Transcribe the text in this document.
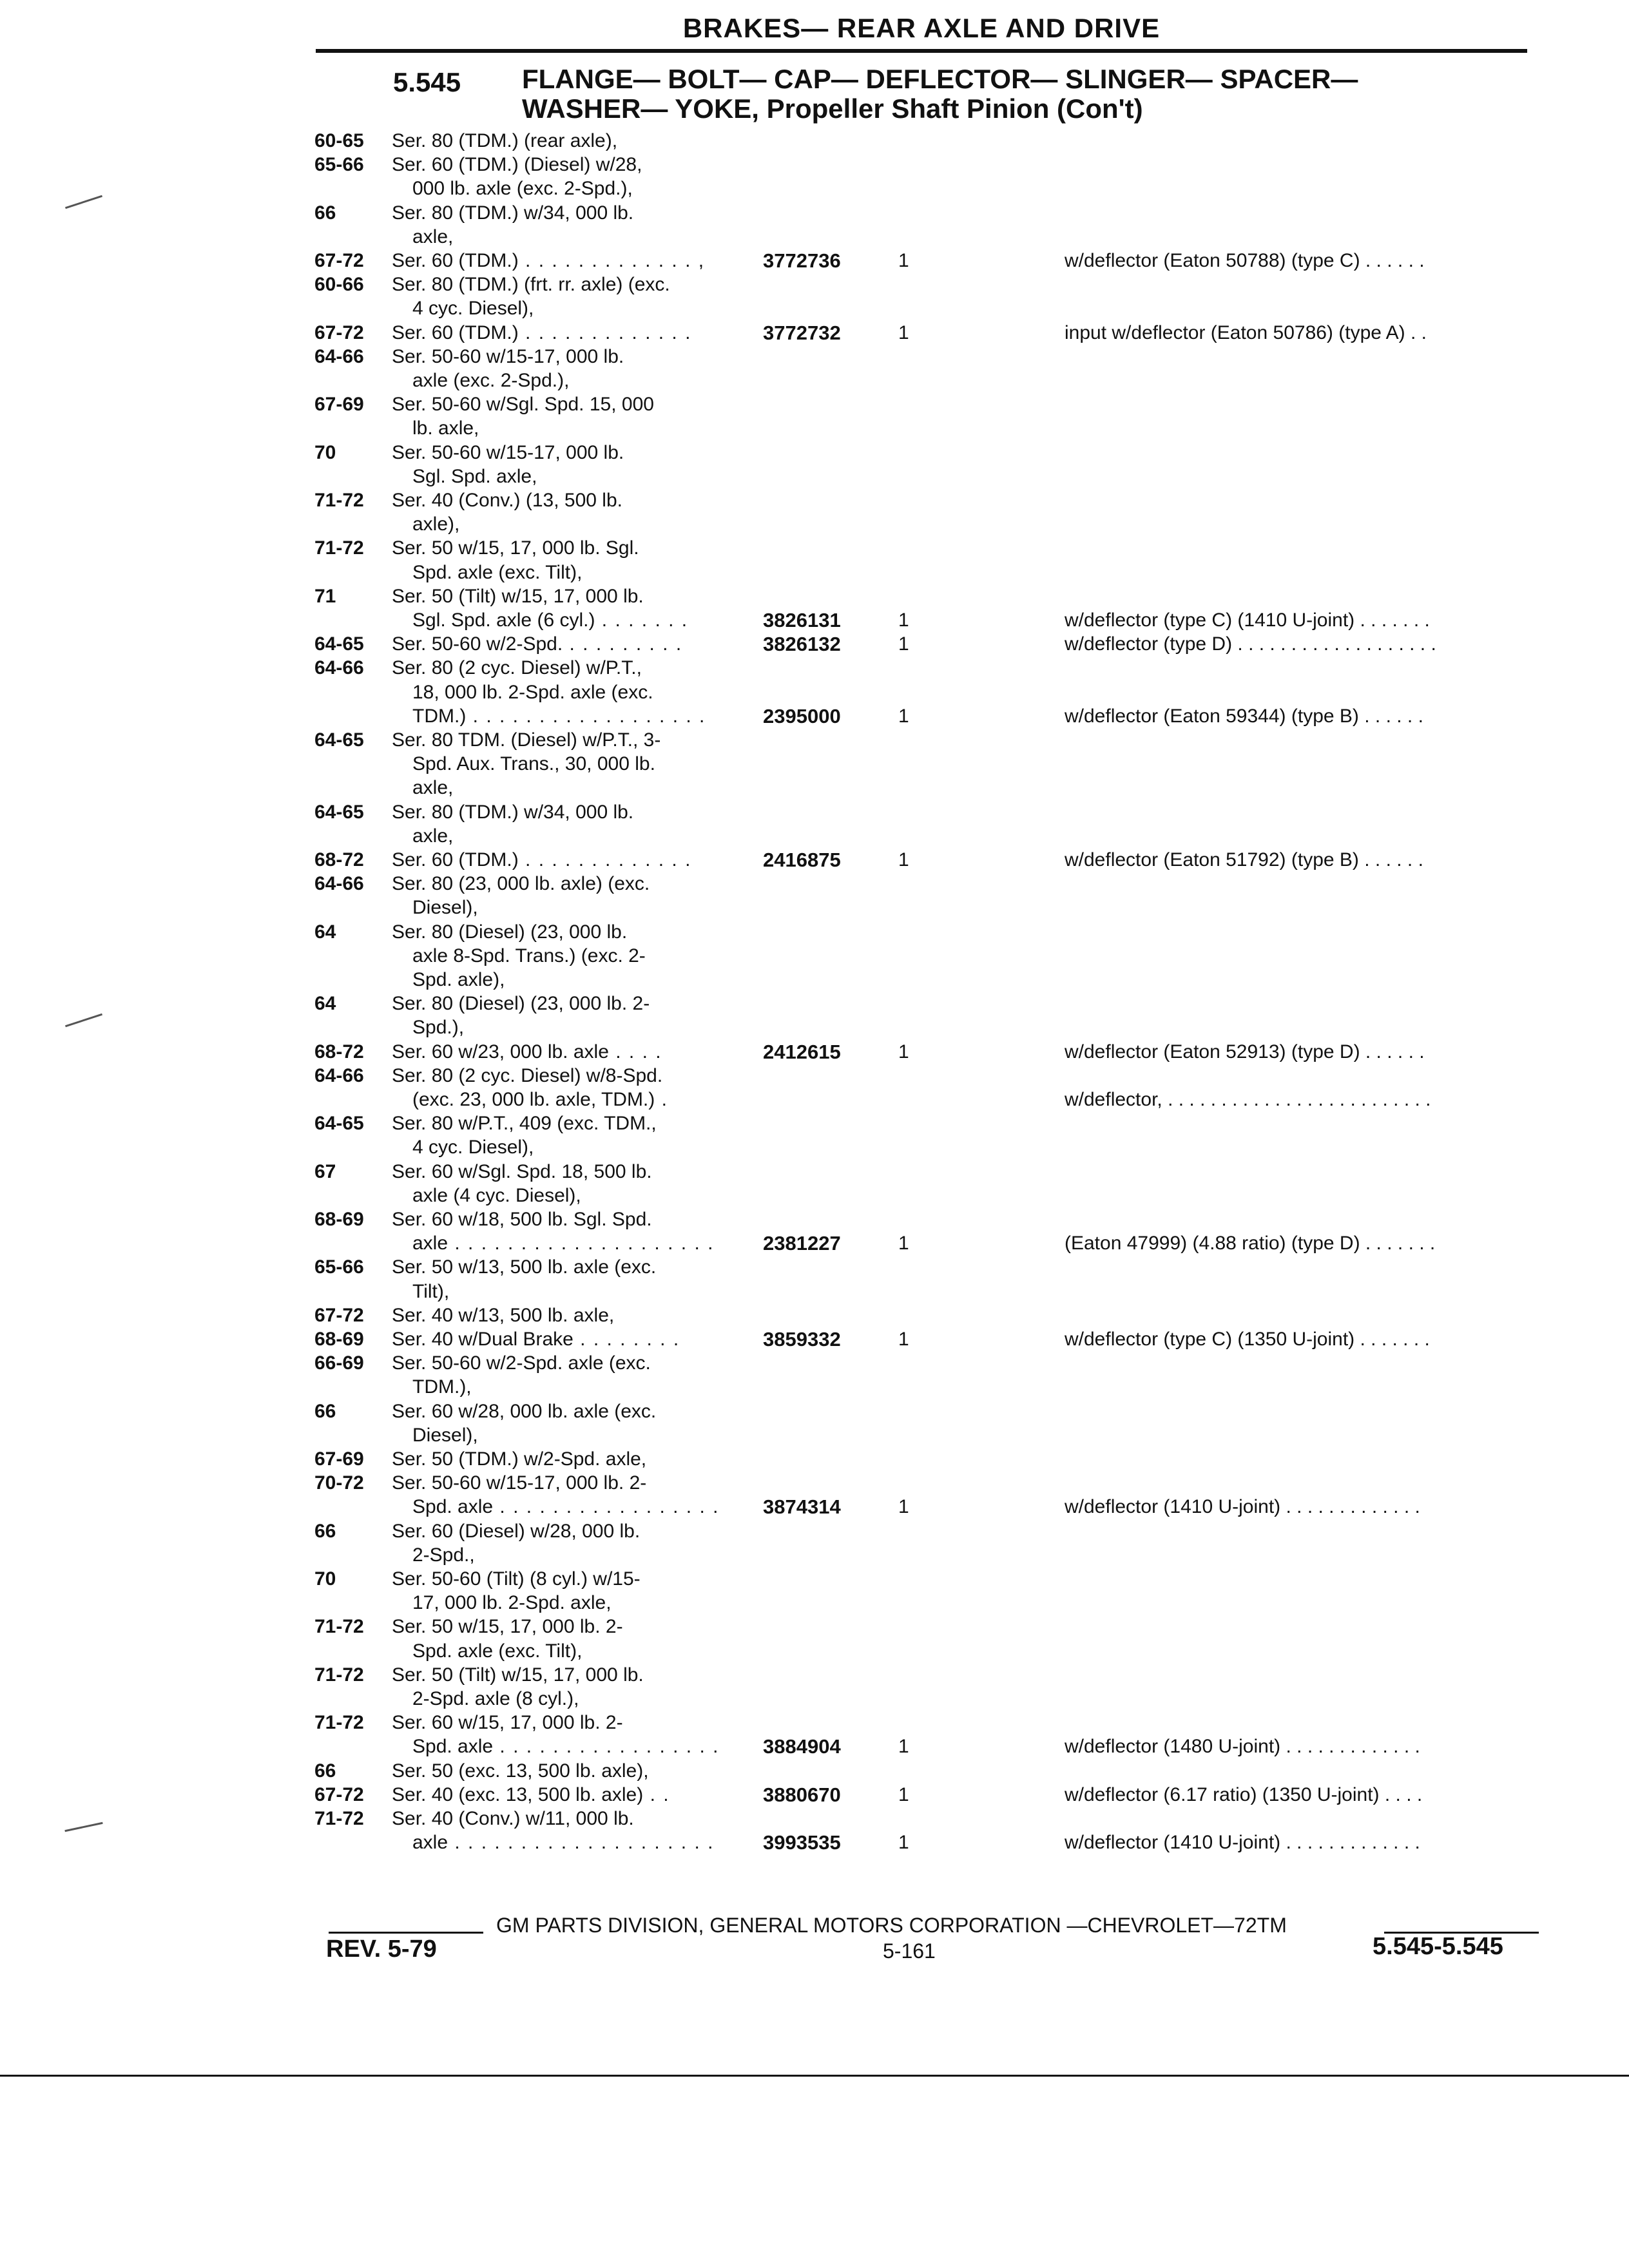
BRAKES— REAR AXLE AND DRIVE
5.545 FLANGE— BOLT— CAP— DEFLECTOR— SLINGER— SPACER—
WASHER— YOKE, Propeller Shaft Pinion (Con't)
60-65 Ser. 80 (TDM.) (rear axle),
65-66 Ser. 60 (TDM.) (Diesel) w/28,
000 lb. axle (exc. 2-Spd.),
66	Ser. 80 (TDM.) w/34, 000 lb.
axle,
67-72 Ser. 60 (TDM.) . . . . . . . . . . . . . ,	3772736	1	w/deflector (Eaton 50788) (type C) . . . . . .
60-66 Ser. 80 (TDM.) (frt. rr. axle) (exc.
4 cyc. Diesel),
67-72 Ser. 60 (TDM.) . . . . . . . . . . . . .	3772732	1	input w/deflector (Eaton 50786) (type A) . .
64-66 Ser. 50-60 w/15-17, 000 lb.
axle (exc. 2-Spd.),
67-69 Ser. 50-60 w/Sgl. Spd. 15, 000
lb. axle,
70	Ser. 50-60 w/15-17, 000 lb.
Sgl. Spd. axle,
71-72 Ser. 40 (Conv.) (13, 500 lb.
axle),
71-72 Ser. 50 w/15, 17, 000 lb. Sgl.
Spd. axle (exc. Tilt),
71	Ser. 50 (Tilt) w/15, 17, 000 lb.
Sgl. Spd. axle (6 cyl.) . . . . . . .	3826131	1	w/deflector (type C) (1410 U-joint) . . . . . . .
64-65 Ser. 50-60 w/2-Spd. . . . . . . . . .	3826132	1	w/deflector (type D) . . . . . . . . . . . . . . . . . . .
64-66 Ser. 80 (2 cyc. Diesel) w/P.T.,
18, 000 lb. 2-Spd. axle (exc.
TDM.) . . . . . . . . . . . . . . . . . .	2395000	1	w/deflector (Eaton 59344) (type B) . . . . . .
64-65 Ser. 80 TDM. (Diesel) w/P.T., 3-
Spd. Aux. Trans., 30, 000 lb.
axle,
64-65 Ser. 80 (TDM.) w/34, 000 lb.
axle,
68-72 Ser. 60 (TDM.) . . . . . . . . . . . . .	2416875	1	w/deflector (Eaton 51792) (type B) . . . . . .
64-66 Ser. 80 (23, 000 lb. axle) (exc.
Diesel),
64	Ser. 80 (Diesel) (23, 000 lb.
axle 8-Spd. Trans.) (exc. 2-
Spd. axle),
64	Ser. 80 (Diesel) (23, 000 lb. 2-
Spd.),
68-72 Ser. 60 w/23, 000 lb. axle . . . .	2412615	1	w/deflector (Eaton 52913) (type D) . . . . . .
64-66 Ser. 80 (2 cyc. Diesel) w/8-Spd.
(exc. 23, 000 lb. axle, TDM.) .	w/deflector, . . . . . . . . . . . . . . . . . . . . . . . . .
64-65 Ser. 80 w/P.T., 409 (exc. TDM.,
4 cyc. Diesel),
67	Ser. 60 w/Sgl. Spd. 18, 500 lb.
axle (4 cyc. Diesel),
68-69 Ser. 60 w/18, 500 lb. Sgl. Spd.
axle . . . . . . . . . . . . . . . . . . . . 2381227	1	(Eaton 47999) (4.88 ratio) (type D) . . . . . . .
65-66 Ser. 50 w/13, 500 lb. axle (exc.
Tilt),
67-72 Ser. 40 w/13, 500 lb. axle,
68-69 Ser. 40 w/Dual Brake . . . . . . . .	3859332	1	w/deflector (type C) (1350 U-joint) . . . . . . .
66-69 Ser. 50-60 w/2-Spd. axle (exc.
TDM.),
66	Ser. 60 w/28, 000 lb. axle (exc.
Diesel),
67-69 Ser. 50 (TDM.) w/2-Spd. axle,
70-72 Ser. 50-60 w/15-17, 000 lb. 2-
Spd. axle . . . . . . . . . . . . . . . . . 3874314	1	w/deflector (1410 U-joint) . . . . . . . . . . . . .
66	Ser. 60 (Diesel) w/28, 000 lb.
2-Spd.,
70	Ser. 50-60 (Tilt) (8 cyl.) w/15-
17, 000 lb. 2-Spd. axle,
71-72 Ser. 50 w/15, 17, 000 lb. 2-
Spd. axle (exc. Tilt),
71-72 Ser. 50 (Tilt) w/15, 17, 000 lb.
2-Spd. axle (8 cyl.),
71-72 Ser. 60 w/15, 17, 000 lb. 2-
Spd. axle . . . . . . . . . . . . . . . . . 3884904	1	w/deflector (1480 U-joint) . . . . . . . . . . . . .
66	Ser. 50 (exc. 13, 500 lb. axle),
67-72 Ser. 40 (exc. 13, 500 lb. axle) . .	3880670	1	w/deflector (6.17 ratio) (1350 U-joint) . . . .
71-72 Ser. 40 (Conv.) w/11, 000 lb.
axle . . . . . . . . . . . . . . . . . . . . 3993535	1	w/deflector (1410 U-joint) . . . . . . . . . . . . .
GM PARTS DIVISION, GENERAL MOTORS CORPORATION —CHEVROLET—72TM
REV. 5-79	5-161	5.545-5.545
